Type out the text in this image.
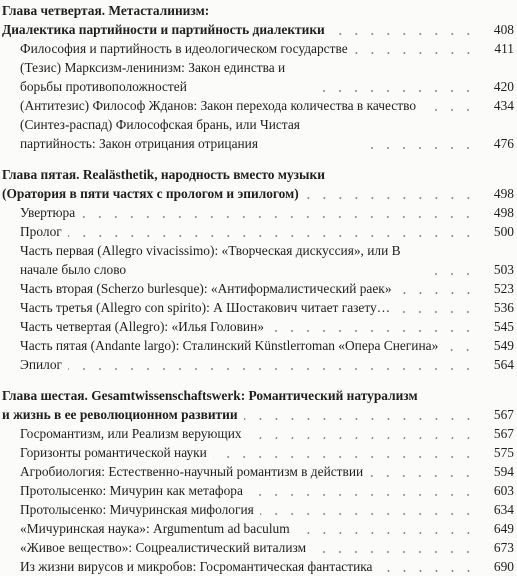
Глава четвертая. Метасталинизм:
Диалектика партийности и партийность диалектики	408
Философия и партийность в идеологическом государстве	411
(Тезис) Марксизм-ленинизм: Закон единства и борьбы противоположностей	420
(Антитезис) Философ Жданов: Закон перехода количества в качество	434
(Синтез-распад) Философская брань, или Чистая партийность: Закон отрицания отрицания	476
Глава пятая. Realästhetik, народность вместо музыки
(Оратория в пяти частях с прологом и эпилогом)	498
Увертюра	498
Пролог	500
Часть первая (Allegro vivacissimo): «Творческая дискуссия», или В начале было слово	503
Часть вторая (Scherzo burlesque): «Антиформалистический раек»	523
Часть третья (Allegro con spirito): А Шостакович читает газету…	536
Часть четвертая (Allegro): «Илья Головин»	545
Часть пятая (Andante largo): Сталинский Künstlerroman «Опера Снегина»	549
Эпилог	564
Глава шестая. Gesamtwissenschaftswerk: Романтический натурализм
и жизнь в ее революционном развитии	567
Госромантизм, или Реализм верующих	567
Горизонты романтической науки	575
Агробиология: Естественно-научный романтизм в действии	594
Протолысенко: Мичурин как метафора	603
Протолысенко: Мичуринская мифология	634
«Мичуринская наука»: Argumentum ad baculum	649
«Живое вещество»: Соцреалистический витализм	673
Из жизни вирусов и микробов: Госромантическая фантастика	690
